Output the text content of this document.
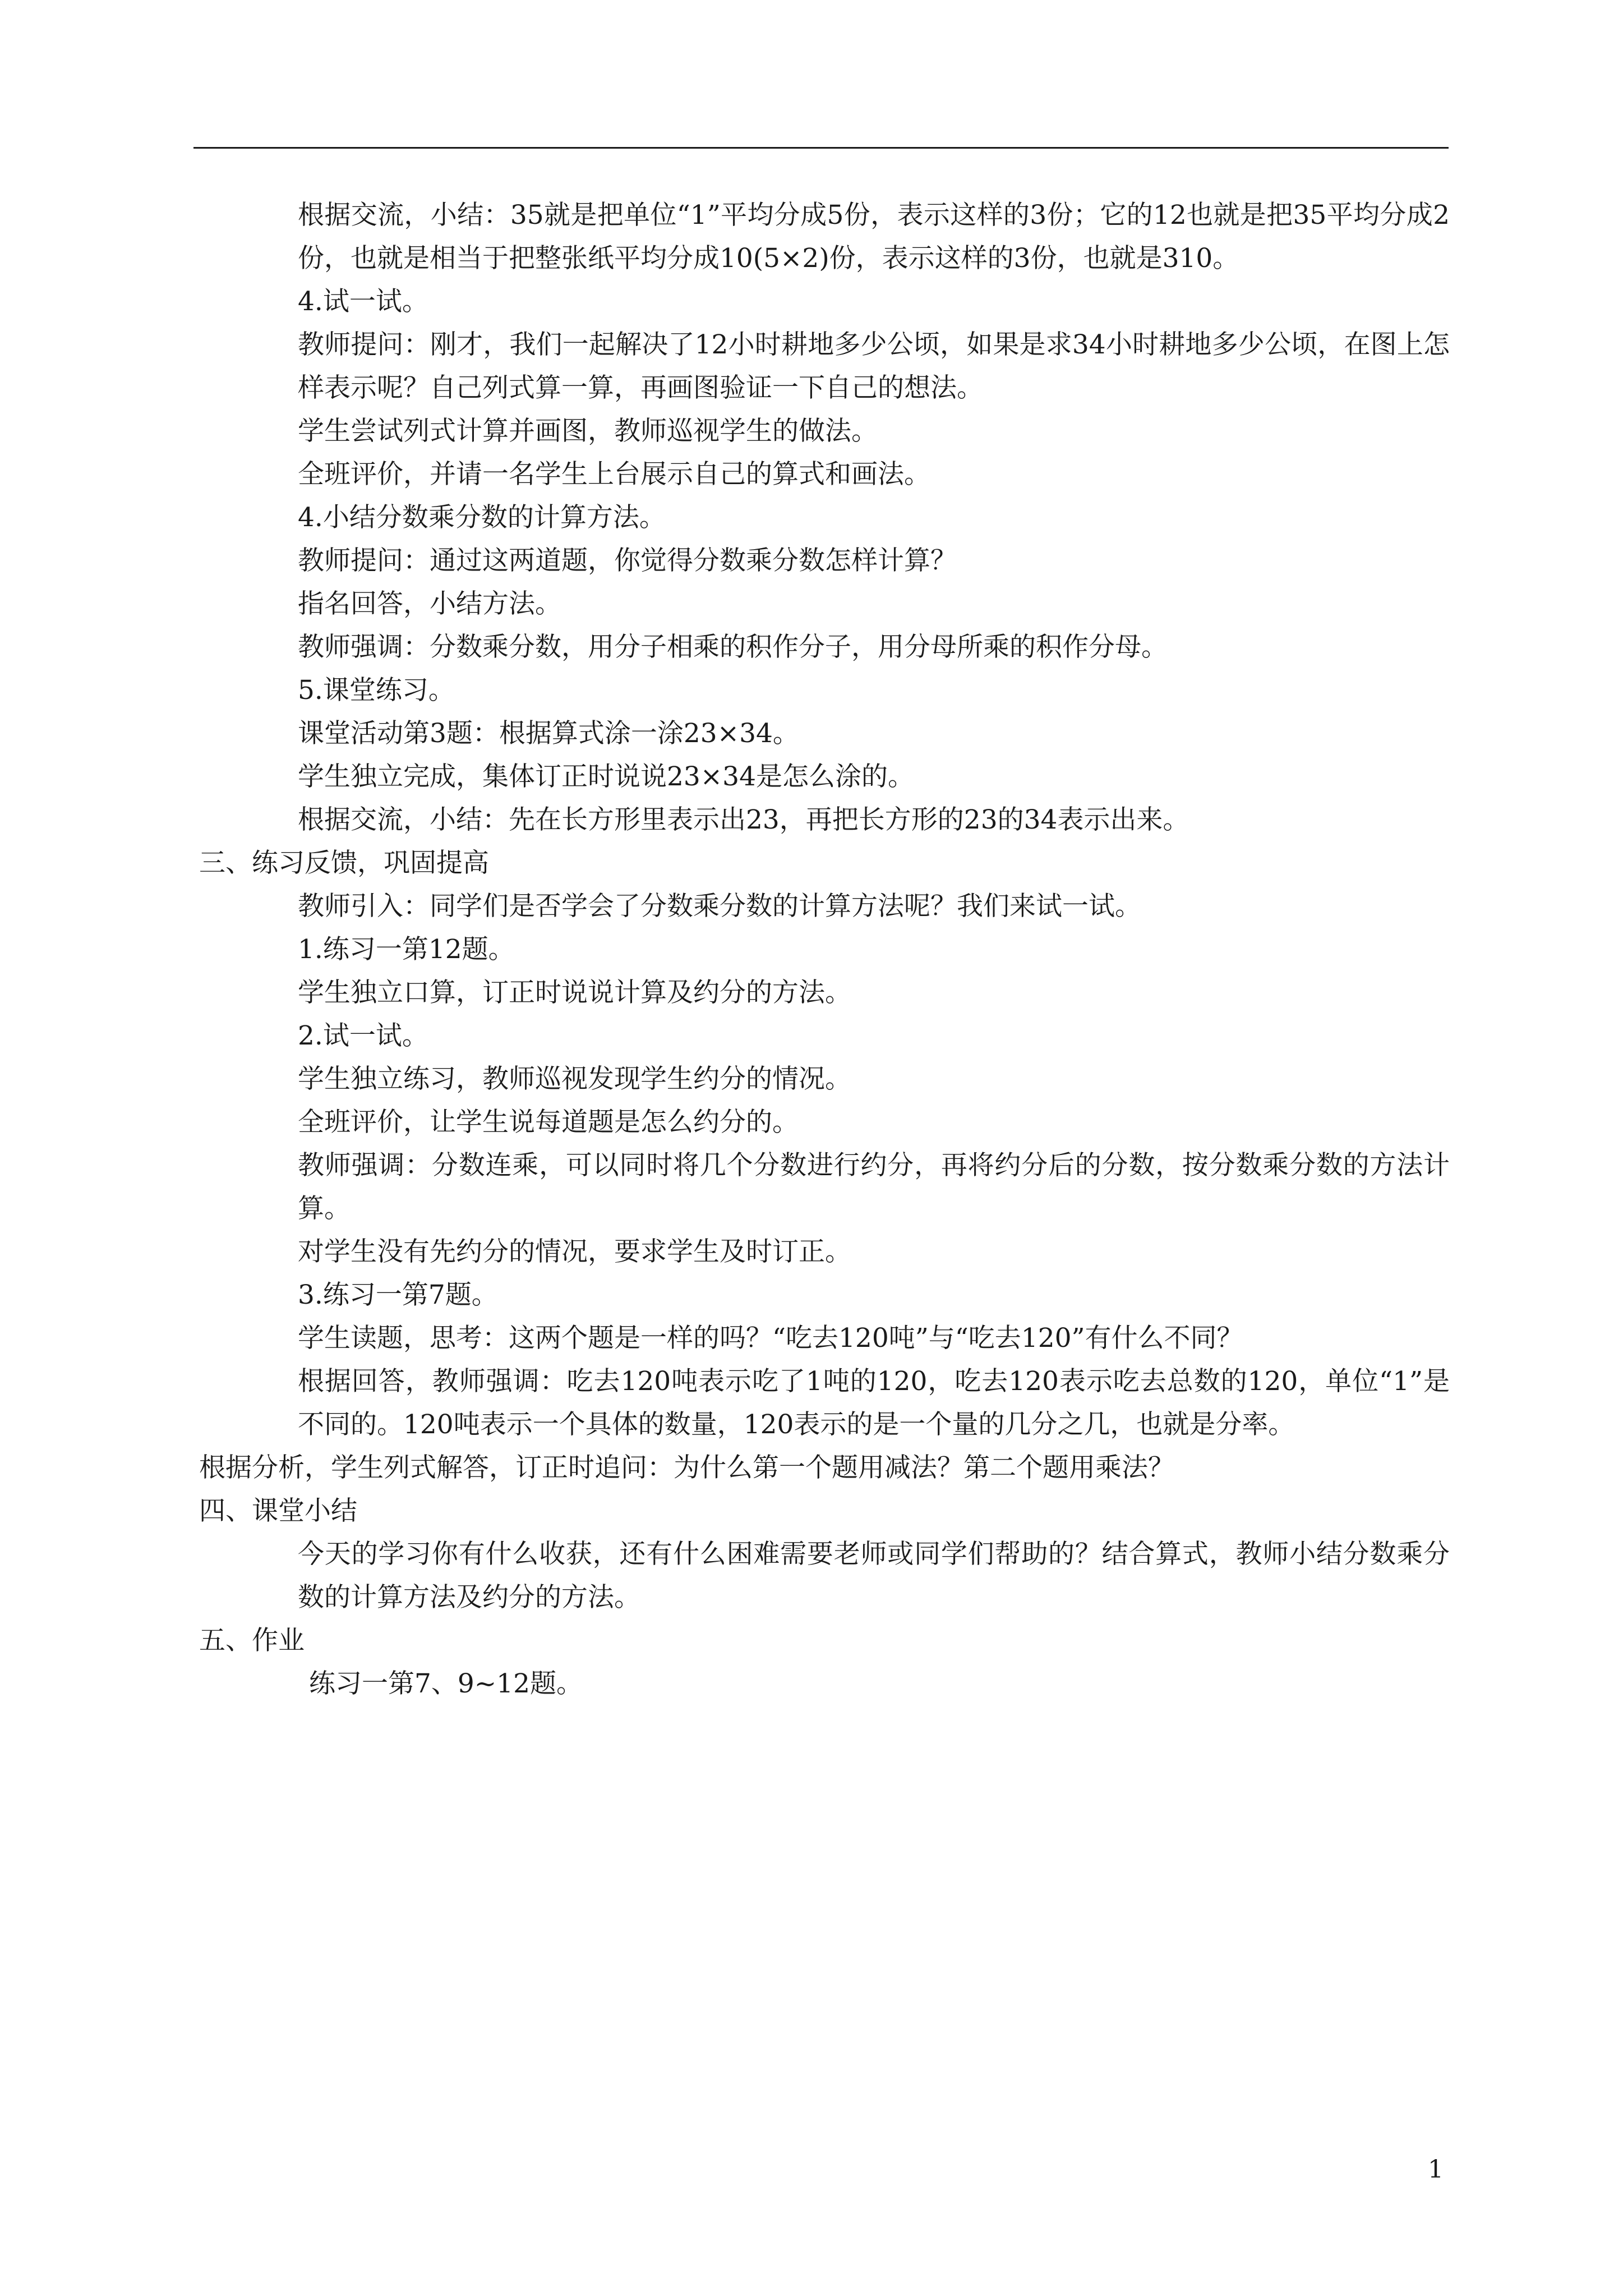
根据交流，小结：35就是把单位“1”平均分成5份，表示这样的3份；它的12也就是把35平均分成2份，也就是相当于把整张纸平均分成10(5×2)份，表示这样的3份，也就是310。

4.试一试。

教师提问：刚才，我们一起解决了12小时耕地多少公顷，如果是求34小时耕地多少公顷，在图上怎样表示呢？自己列式算一算，再画图验证一下自己的想法。

学生尝试列式计算并画图，教师巡视学生的做法。

全班评价，并请一名学生上台展示自己的算式和画法。

4.小结分数乘分数的计算方法。

教师提问：通过这两道题，你觉得分数乘分数怎样计算？

指名回答，小结方法。

教师强调：分数乘分数，用分子相乘的积作分子，用分母所乘的积作分母。

5.课堂练习。

课堂活动第3题：根据算式涂一涂23×34。

学生独立完成，集体订正时说说23×34是怎么涂的。

根据交流，小结：先在长方形里表示出23，再把长方形的23的34表示出来。

三、练习反馈，巩固提高

教师引入：同学们是否学会了分数乘分数的计算方法呢？我们来试一试。

1.练习一第12题。

学生独立口算，订正时说说计算及约分的方法。

2.试一试。

学生独立练习，教师巡视发现学生约分的情况。

全班评价，让学生说每道题是怎么约分的。

教师强调：分数连乘，可以同时将几个分数进行约分，再将约分后的分数，按分数乘分数的方法计算。

对学生没有先约分的情况，要求学生及时订正。

3.练习一第7题。

学生读题，思考：这两个题是一样的吗？“吃去120吨”与“吃去120”有什么不同？

根据回答，教师强调：吃去120吨表示吃了1吨的120，吃去120表示吃去总数的120，单位“1”是不同的。120吨表示一个具体的数量，120表示的是一个量的几分之几，也就是分率。

根据分析，学生列式解答，订正时追问：为什么第一个题用减法？第二个题用乘法？

四、课堂小结

今天的学习你有什么收获，还有什么困难需要老师或同学们帮助的？结合算式，教师小结分数乘分数的计算方法及约分的方法。

五、作业

练习一第7、9~12题。

1
